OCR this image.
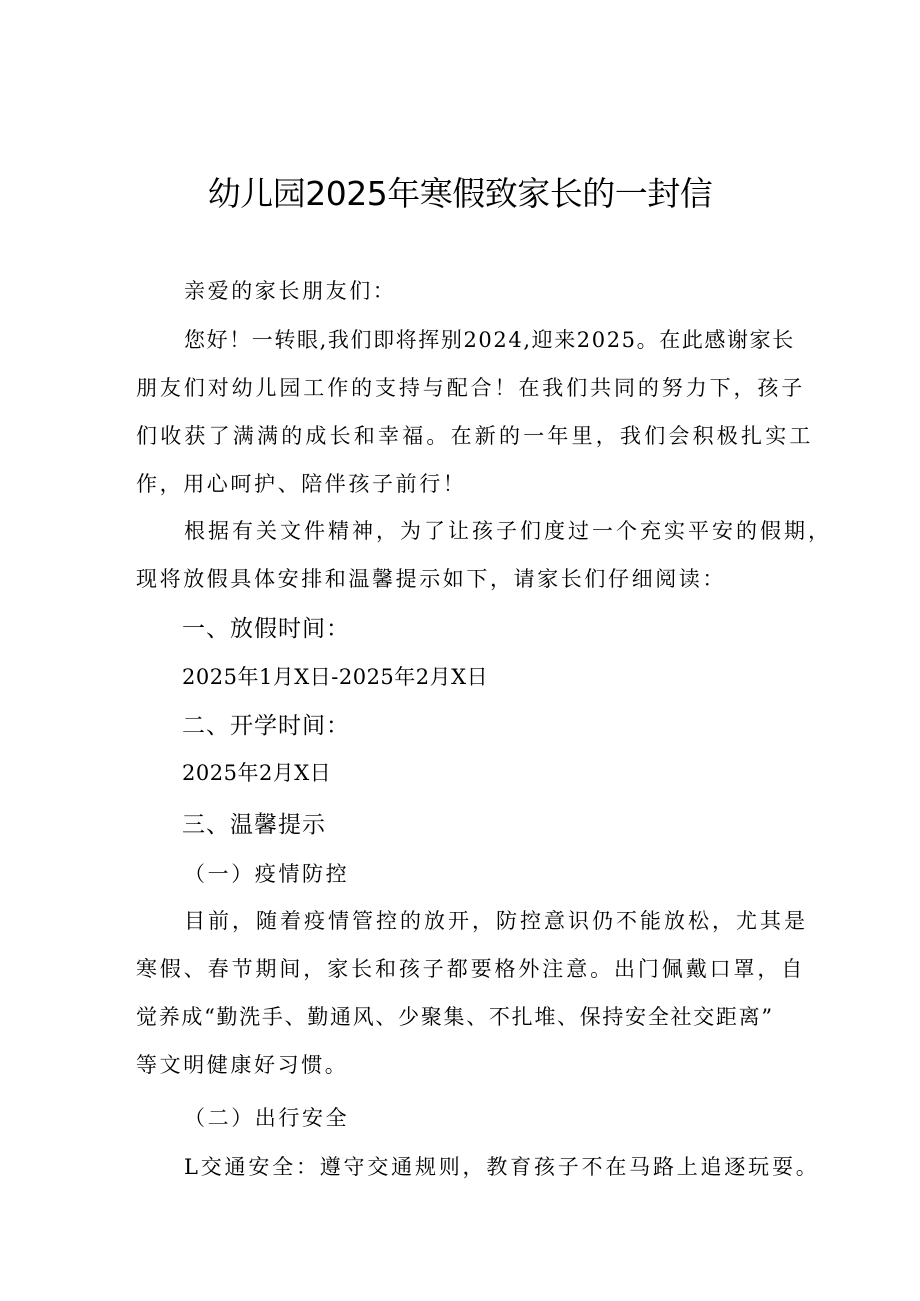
幼儿园2025年寒假致家长的一封信
亲爱的家长朋友们：
您好！一转眼,我们即将挥别2024,迎来2025。在此感谢家长
朋友们对幼儿园工作的支持与配合！在我们共同的努力下，孩子
们收获了满满的成长和幸福。在新的一年里，我们会积极扎实工
作，用心呵护、陪伴孩子前行！
根据有关文件精神，为了让孩子们度过一个充实平安的假期，
现将放假具体安排和温馨提示如下，请家长们仔细阅读：
一、放假时间：
2025年1月X日-2025年2月X日
二、开学时间：
2025年2月X日
三、温馨提示
（一）疫情防控
目前，随着疫情管控的放开，防控意识仍不能放松，尤其是
寒假、春节期间，家长和孩子都要格外注意。出门佩戴口罩，自
觉养成“勤洗手、勤通风、少聚集、不扎堆、保持安全社交距离”
等文明健康好习惯。
（二）出行安全
L交通安全：遵守交通规则，教育孩子不在马路上追逐玩耍。
